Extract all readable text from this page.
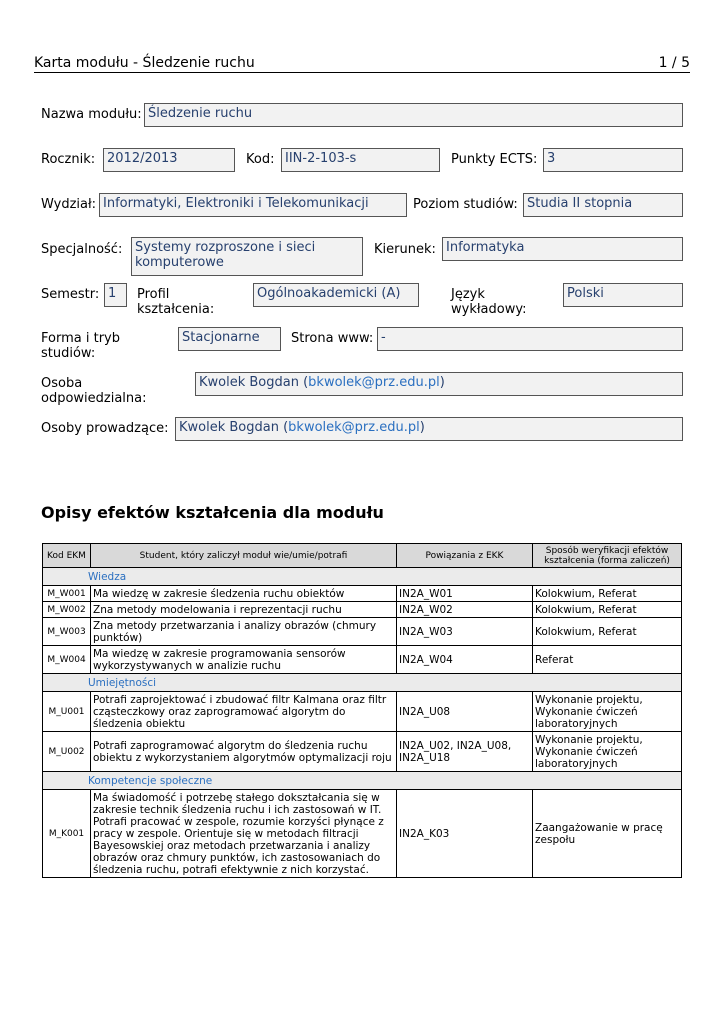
Karta modułu - Śledzenie ruchu	1 / 5
Nazwa modułu: Śledzenie ruchu
Rocznik: 2012/2013	Kod: IIN-2-103-s	Punkty ECTS: 3
Wydział: Informatyki, Elektroniki i Telekomunikacji	Poziom studiów: Studia II stopnia
Specjalność: Systemy rozproszone i sieci komputerowe
Kierunek: Informatyka
Semestr: 1	Profil kształcenia:
Ogólnoakademicki (A)	Język wykładowy:
Polski
Forma i tryb studiów:
Stacjonarne	Strona www: -
Osoba odpowiedzialna:
Kwolek Bogdan (bkwolek@prz.edu.pl)
Osoby prowadzące: Kwolek Bogdan (bkwolek@prz.edu.pl)
Opisy efektów kształcenia dla modułu
Kod EKM	Student, który zaliczył moduł wie/umie/potrafi	Powiązania z EKK	Sposób weryfikacji efektów kształcenia (forma zaliczeń)
Wiedza			
M_W001	Ma wiedzę w zakresie śledzenia ruchu obiektów	IN2A_W01	Kolokwium, Referat
M_W002	Zna metody modelowania i reprezentacji ruchu	IN2A_W02	Kolokwium, Referat
M_W003	Zna metody przetwarzania i analizy obrazów (chmury punktów)	IN2A_W03	Kolokwium, Referat
M_W004	Ma wiedzę w zakresie programowania sensorów wykorzystywanych w analizie ruchu	IN2A_W04	Referat
Umiejętności			
M_U001	Potrafi zaprojektować i zbudować filtr Kalmana oraz filtr cząsteczkowy oraz zaprogramować algorytm do śledzenia obiektu	IN2A_U08	Wykonanie projektu, Wykonanie ćwiczeń laboratoryjnych
M_U002	Potrafi zaprogramować algorytm do śledzenia ruchu obiektu z wykorzystaniem algorytmów optymalizacji roju	IN2A_U02, IN2A_U08, IN2A_U18	Wykonanie projektu, Wykonanie ćwiczeń laboratoryjnych
Kompetencje społeczne			
M_K001	Ma świadomość i potrzebę stałego dokształcania się w zakresie technik śledzenia ruchu i ich zastosowań w IT. Potrafi pracować w zespole, rozumie korzyści płynące z pracy w zespole. Orientuje się w metodach filtracji Bayesowskiej oraz metodach przetwarzania i analizy obrazów oraz chmury punktów, ich zastosowaniach do śledzenia ruchu, potrafi efektywnie z nich korzystać.	IN2A_K03	Zaangażowanie w pracę zespołu
